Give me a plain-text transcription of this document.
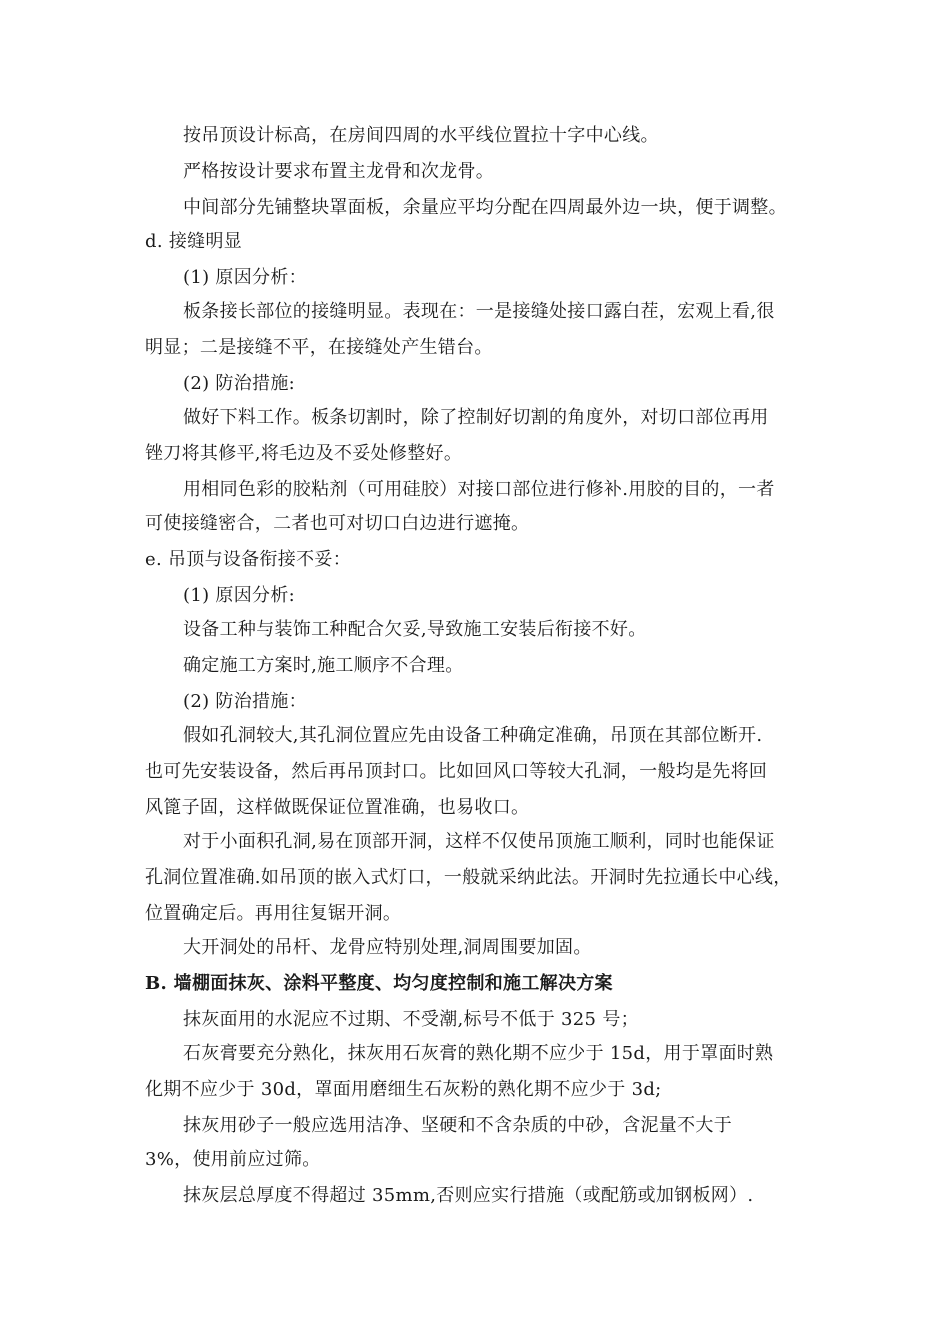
按吊顶设计标高，在房间四周的水平线位置拉十字中心线。
严格按设计要求布置主龙骨和次龙骨。
中间部分先铺整块罩面板，余量应平均分配在四周最外边一块，便于调整。
d. 接缝明显
(1) 原因分析：
板条接长部位的接缝明显。表现在：一是接缝处接口露白茬，宏观上看,很
明显；二是接缝不平，在接缝处产生错台。
(2) 防治措施:
做好下料工作。板条切割时，除了控制好切割的角度外，对切口部位再用
锉刀将其修平,将毛边及不妥处修整好。
用相同色彩的胶粘剂（可用硅胶）对接口部位进行修补.用胶的目的，一者
可使接缝密合，二者也可对切口白边进行遮掩。
e. 吊顶与设备衔接不妥：
(1) 原因分析:
设备工种与装饰工种配合欠妥,导致施工安装后衔接不好。
确定施工方案时,施工顺序不合理。
(2) 防治措施：
假如孔洞较大,其孔洞位置应先由设备工种确定准确，吊顶在其部位断开.
也可先安装设备，然后再吊顶封口。比如回风口等较大孔洞，一般均是先将回
风篦子固，这样做既保证位置准确，也易收口。
对于小面积孔洞,易在顶部开洞，这样不仅使吊顶施工顺利，同时也能保证
孔洞位置准确.如吊顶的嵌入式灯口，一般就采纳此法。开洞时先拉通长中心线，
位置确定后。再用往复锯开洞。
大开洞处的吊杆、龙骨应特别处理,洞周围要加固。
B. 墙棚面抹灰、涂料平整度、均匀度控制和施工解决方案
抹灰面用的水泥应不过期、不受潮,标号不低于 325 号；
石灰膏要充分熟化，抹灰用石灰膏的熟化期不应少于 15d，用于罩面时熟
化期不应少于 30d，罩面用磨细生石灰粉的熟化期不应少于 3d;
抹灰用砂子一般应选用洁净、坚硬和不含杂质的中砂，含泥量不大于
3%，使用前应过筛。
抹灰层总厚度不得超过 35mm,否则应实行措施（或配筋或加钢板网）.
